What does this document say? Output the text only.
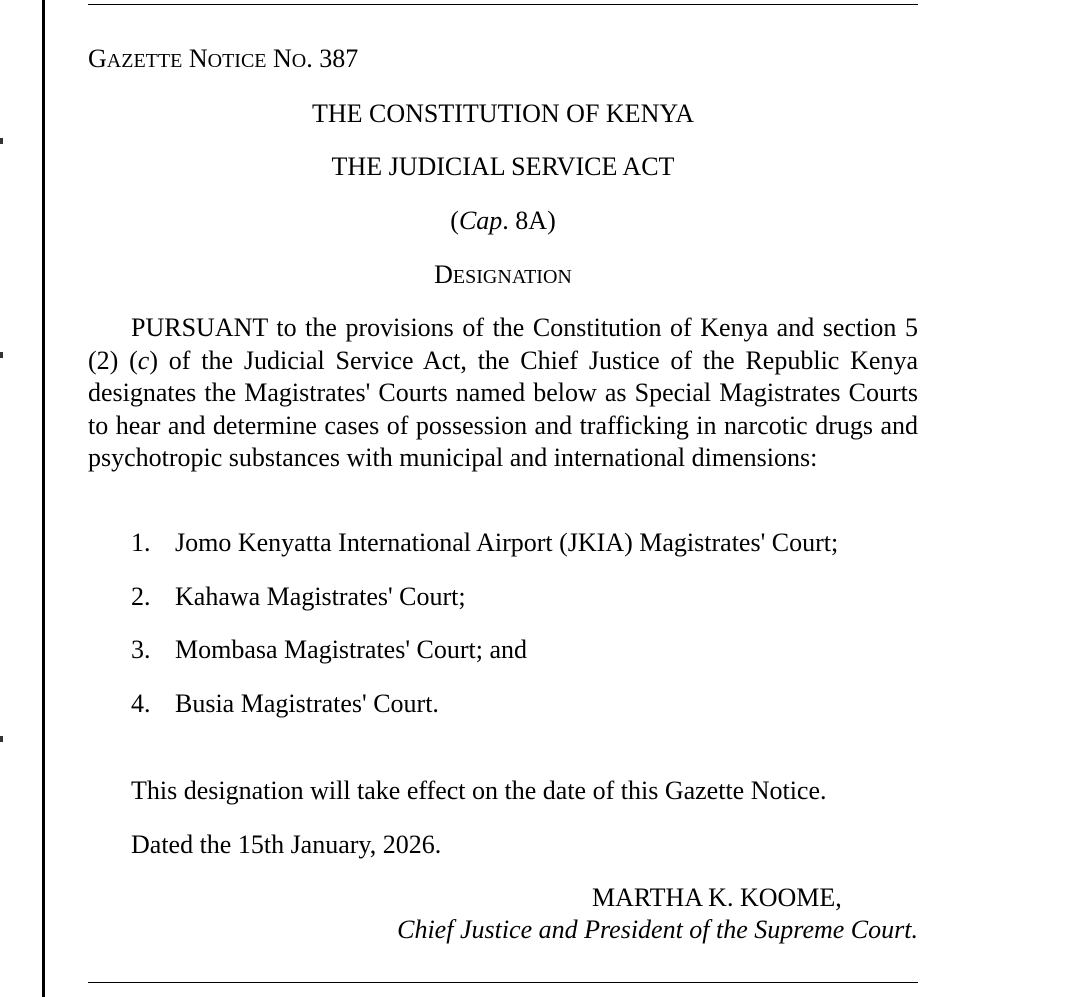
GAZETTE NOTICE NO. 387
THE CONSTITUTION OF KENYA
THE JUDICIAL SERVICE ACT
(Cap. 8A)
DESIGNATION

PURSUANT to the provisions of the Constitution of Kenya and section 5 (2) (c) of the Judicial Service Act, the Chief Justice of the Republic Kenya designates the Magistrates' Courts named below as Special Magistrates Courts to hear and determine cases of possession and trafficking in narcotic drugs and psychotropic substances with municipal and international dimensions:

1. Jomo Kenyatta International Airport (JKIA) Magistrates' Court;
2. Kahawa Magistrates' Court;
3. Mombasa Magistrates' Court; and
4. Busia Magistrates' Court.
This designation will take effect on the date of this Gazette Notice.
Dated the 15th January, 2026.
MARTHA K. KOOME,
Chief Justice and President of the Supreme Court.
